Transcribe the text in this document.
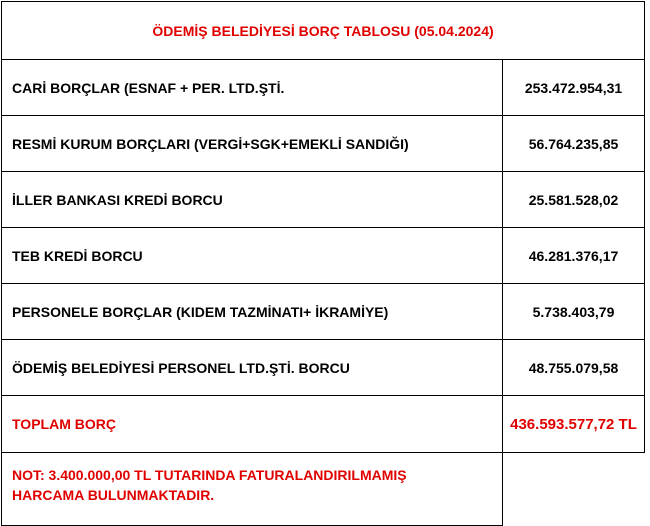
ÖDEMİŞ BELEDİYESİ BORÇ TABLOSU (05.04.2024)	
CARİ BORÇLAR (ESNAF + PER. LTD.ŞTİ.	253.472.954,31
RESMİ KURUM BORÇLARI (VERGİ+SGK+EMEKLİ SANDIĞI)	56.764.235,85
İLLER BANKASI KREDİ BORCU	25.581.528,02
TEB KREDİ BORCU	46.281.376,17
PERSONELE BORÇLAR (KIDEM TAZMİNATI+ İKRAMİYE)	5.738.403,79
ÖDEMİŞ BELEDİYESİ PERSONEL LTD.ŞTİ. BORCU	48.755.079,58
TOPLAM BORÇ	436.593.577,72 TL

NOT: 3.400.000,00 TL TUTARINDA FATURALANDIRILMAMIŞ
HARCAMA BULUNMAKTADIR.	
